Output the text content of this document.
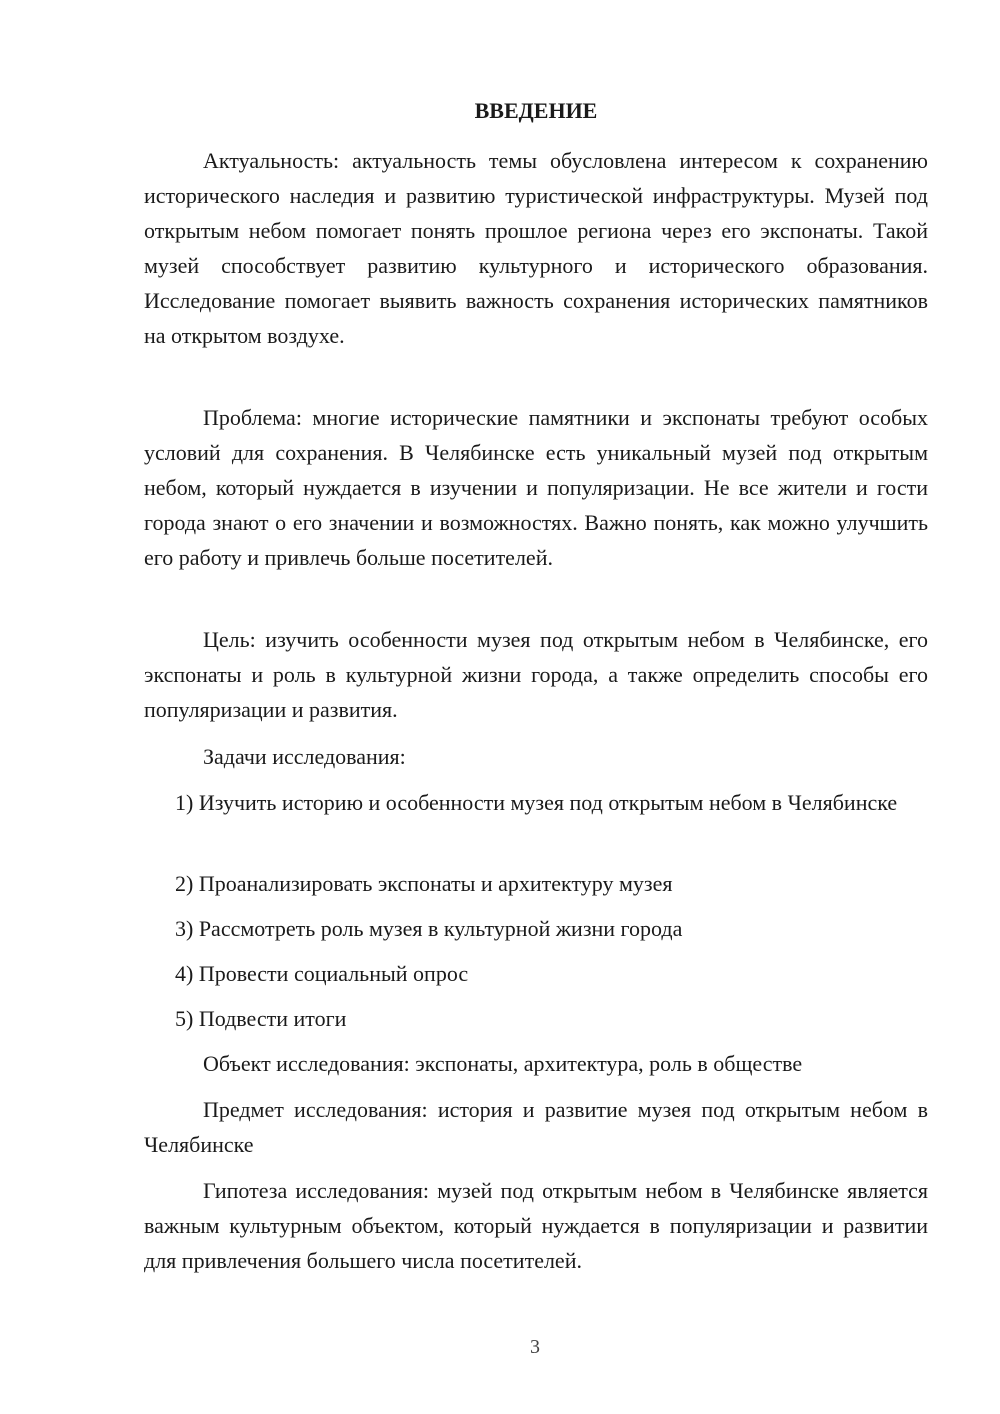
ВВЕДЕНИЕ

Актуальность: актуальность темы обусловлена интересом к сохранению исторического наследия и развитию туристической инфраструктуры. Музей под открытым небом помогает понять прошлое региона через его экспонаты. Такой музей способствует развитию культурного и исторического образования. Исследование помогает выявить важность сохранения исторических памятников на открытом воздухе.

Проблема: многие исторические памятники и экспонаты требуют особых условий для сохранения. В Челябинске есть уникальный музей под открытым небом, который нуждается в изучении и популяризации. Не все жители и гости города знают о его значении и возможностях. Важно понять, как можно улучшить его работу и привлечь больше посетителей.

Цель: изучить особенности музея под открытым небом в Челябинске, его экспонаты и роль в культурной жизни города, а также определить способы его популяризации и развития.

Задачи исследования:

1) Изучить историю и особенности музея под открытым небом в Челябинске

2) Проанализировать экспонаты и архитектуру музея

3) Рассмотреть роль музея в культурной жизни города

4) Провести социальный опрос

5) Подвести итоги

Объект исследования: экспонаты, архитектура, роль в обществе

Предмет исследования: история и развитие музея под открытым небом в Челябинске

Гипотеза исследования: музей под открытым небом в Челябинске является важным культурным объектом, который нуждается в популяризации и развитии для привлечения большего числа посетителей.

3
